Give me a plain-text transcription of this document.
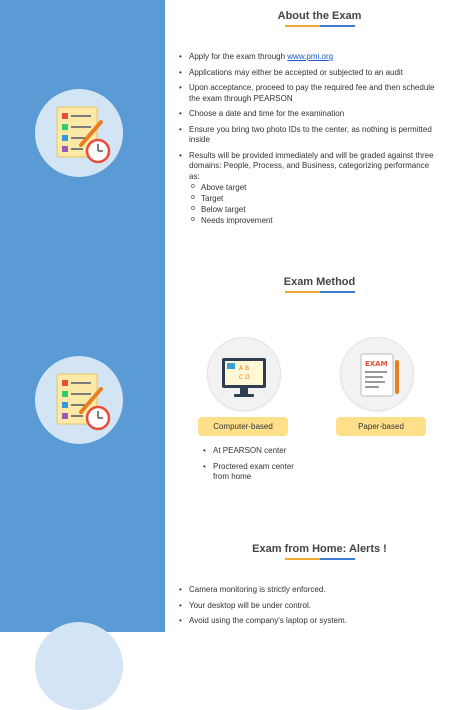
About the Exam
• Apply for the exam through www.pmi.org
• Applications may either be accepted or subjected to an audit
• Upon acceptance, proceed to pay the required fee and then schedule the exam through PEARSON
• Choose a date and time for the examination
• Ensure you bring two photo IDs to the center, as nothing is permitted inside
• Results will be provided immediately and will be graded against three domains: People, Process, and Business, categorizing performance as:
o Above target
o Target
o Below target
o Needs improvement
Exam Method
A B
C D
EXAM
Computer-based	Paper-based
• At PEARSON center
• Proctered exam center from home
Exam from Home: Alerts !
• Camera monitoring is strictly enforced.
• Your desktop will be under control.
• Avoid using the company's laptop or system.
